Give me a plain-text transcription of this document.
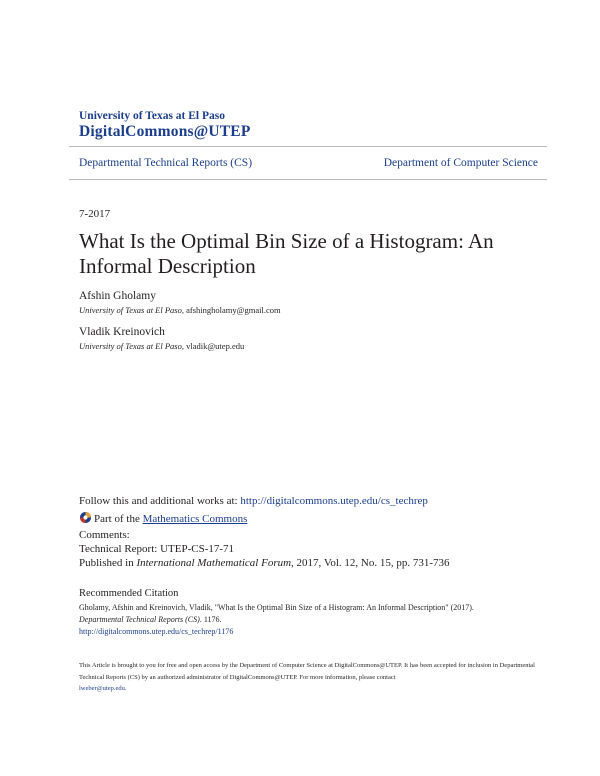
University of Texas at El Paso
DigitalCommons@UTEP
Departmental Technical Reports (CS)	Department of Computer Science
7-2017
What Is the Optimal Bin Size of a Histogram: An Informal Description
Afshin Gholamy
University of Texas at El Paso, afshingholamy@gmail.com
Vladik Kreinovich
University of Texas at El Paso, vladik@utep.edu
Follow this and additional works at: http://digitalcommons.utep.edu/cs_techrep
Part of the Mathematics Commons
Comments:
Technical Report: UTEP-CS-17-71
Published in International Mathematical Forum, 2017, Vol. 12, No. 15, pp. 731-736
Recommended Citation
Gholamy, Afshin and Kreinovich, Vladik, "What Is the Optimal Bin Size of a Histogram: An Informal Description" (2017).
Departmental Technical Reports (CS). 1176.
http://digitalcommons.utep.edu/cs_techrep/1176
This Article is brought to you for free and open access by the Department of Computer Science at DigitalCommons@UTEP. It has been accepted for inclusion in Departmental Technical Reports (CS) by an authorized administrator of DigitalCommons@UTEP. For more information, please contact
lweber@utep.edu.
